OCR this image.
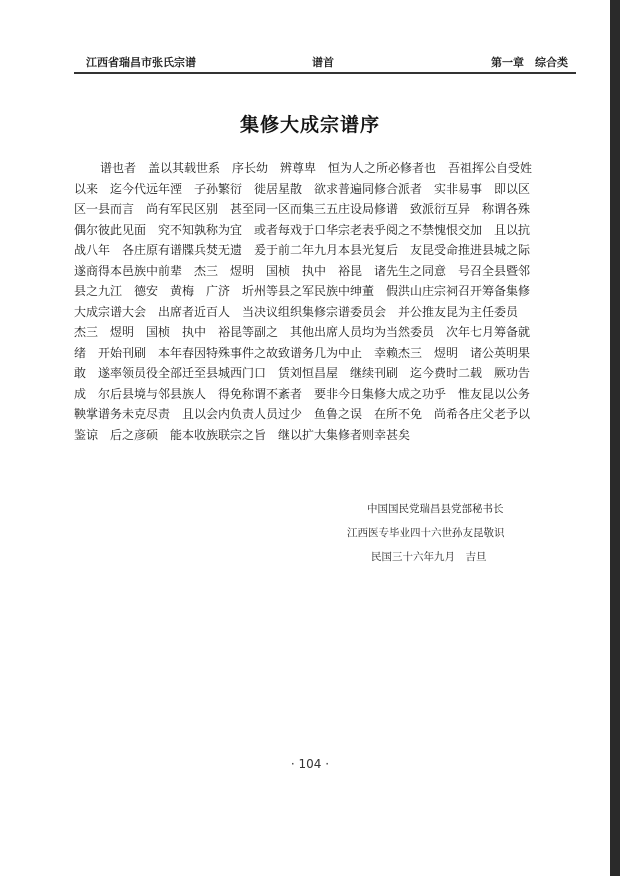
江西省瑞昌市张氏宗谱	谱首	第一章　综合类
集修大成宗谱序
谱也者　盖以其载世系　序长幼　辨尊卑　恒为人之所必修者也　吾祖挥公自受姓
以来　迄今代远年湮　子孙繁衍　徙居星散　欲求普遍同修合派者　实非易事　即以区
区一县而言　尚有军民区别　甚至同一区而集三五庄设局修谱　致派衍互异　称谓各殊
偶尔彼此见面　究不知孰称为宜　或者每戏于口华宗老表乎阅之不禁愧恨交加　且以抗
战八年　各庄原有谱牒兵焚无遗　爰于前二年九月本县光复后　友昆受命推进县城之际
遂商得本邑族中前辈　杰三　煜明　国桢　执中　裕昆　诸先生之同意　号召全县暨邻
县之九江　德安　黄梅　广济　圻州等县之军民族中绅董　假洪山庄宗祠召开筹备集修
大成宗谱大会　出席者近百人　当决议组织集修宗谱委员会　并公推友昆为主任委员
杰三　煜明　国桢　执中　裕昆等副之　其他出席人员均为当然委员　次年七月筹备就
绪　开始刊刷　本年春因特殊事件之故致谱务几为中止　幸赖杰三　煜明　诸公英明果
敢　遂率领员役全部迁至县城西门口　赁刘恒昌屋　继续刊刷　迄今费时二载　厥功告
成　尔后县境与邻县族人　得免称谓不紊者　要非今日集修大成之功乎　惟友昆以公务
鞅掌谱务未克尽责　且以会内负责人员过少　鱼鲁之误　在所不免　尚希各庄父老予以
鉴谅　后之彦硕　能本收族联宗之旨　继以扩大集修者则幸甚矣
中国国民党瑞昌县党部秘书长
江西医专毕业四十六世孙友昆敬识
民国三十六年九月　吉旦
· 104 ·
